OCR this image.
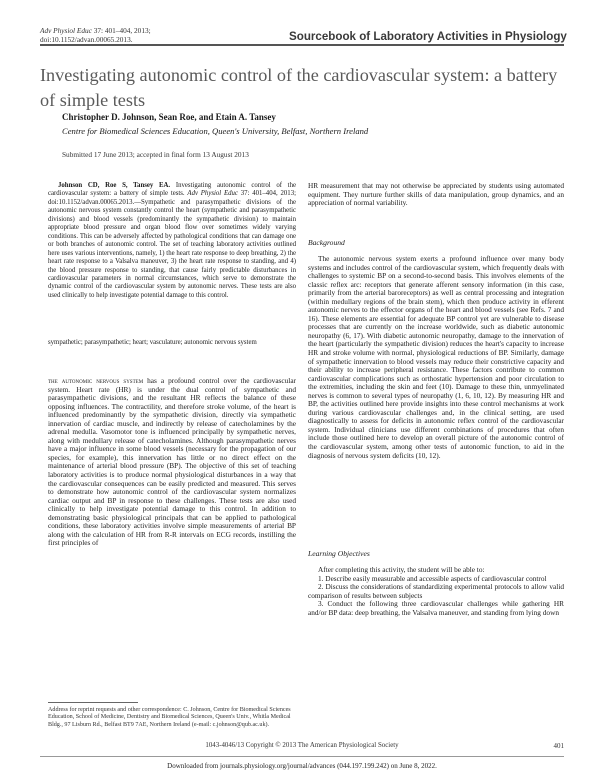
Adv Physiol Educ 37: 401–404, 2013;
doi:10.1152/advan.00065.2013.	Sourcebook of Laboratory Activities in Physiology
Investigating autonomic control of the cardiovascular system: a battery of simple tests
Christopher D. Johnson, Sean Roe, and Etain A. Tansey
Centre for Biomedical Sciences Education, Queen's University, Belfast, Northern Ireland
Submitted 17 June 2013; accepted in final form 13 August 2013

Johnson CD, Roe S, Tansey EA. Investigating autonomic control of the cardiovascular system: a battery of simple tests. Adv Physiol Educ 37: 401–404, 2013; doi:10.1152/advan.00065.2013.—Sympathetic and parasympathetic divisions of the autonomic nervous system constantly control the heart (sympathetic and parasympathetic divisions) and blood vessels (predominantly the sympathetic division) to maintain appropriate blood pressure and organ blood flow over sometimes widely varying conditions. This can be adversely affected by pathological conditions that can damage one or both branches of autonomic control. The set of teaching laboratory activities outlined here uses various interventions, namely, 1) the heart rate response to deep breathing, 2) the heart rate response to a Valsalva maneuver, 3) the heart rate response to standing, and 4) the blood pressure response to standing, that cause fairly predictable disturbances in cardiovascular parameters in normal circumstances, which serve to demonstrate the dynamic control of the cardiovascular system by autonomic nerves. These tests are also used clinically to help investigate potential damage to this control.

sympathetic; parasympathetic; heart; vasculature; autonomic nervous system

the autonomic nervous system has a profound control over the cardiovascular system. Heart rate (HR) is under the dual control of sympathetic and parasympathetic divisions, and the resultant HR reflects the balance of these opposing influences. The contractility, and therefore stroke volume, of the heart is influenced predominantly by the sympathetic division, directly via sympathetic innervation of cardiac muscle, and indirectly by release of catecholamines by the adrenal medulla. Vasomotor tone is influenced principally by sympathetic nerves, along with medullary release of catecholamines. Although parasympathetic nerves have a major influence in some blood vessels (necessary for the propagation of our species, for example), this innervation has little or no direct effect on the maintenance of arterial blood pressure (BP). The objective of this set of teaching laboratory activities is to produce normal physiological disturbances in a way that the cardiovascular consequences can be easily predicted and measured. This serves to demonstrate how autonomic control of the cardiovascular system normalizes cardiac output and BP in response to these challenges. These tests are also used clinically to help investigate potential damage to this control. In addition to demonstrating basic physiological principals that can be applied to pathological conditions, these laboratory activities involve simple measurements of arterial BP along with the calculation of HR from R-R intervals on ECG records, instilling the first principles of

Address for reprint requests and other correspondence: C. Johnson, Centre for Biomedical Sciences Education, School of Medicine, Dentistry and Biomedical Sciences, Queen's Univ., Whitla Medical Bldg., 97 Lisburn Rd., Belfast BT9 7AE, Northern Ireland (e-mail: c.johnson@qub.ac.uk).
HR measurement that may not otherwise be appreciated by students using automated equipment. They nurture further skills of data manipulation, group dynamics, and an appreciation of normal variability.
Background

The autonomic nervous system exerts a profound influence over many body systems and includes control of the cardiovascular system, which frequently deals with challenges to systemic BP on a second-to-second basis. This involves elements of the classic reflex arc: receptors that generate afferent sensory information (in this case, primarily from the arterial baroreceptors) as well as central processing and integration (within medullary regions of the brain stem), which then produce activity in efferent autonomic nerves to the effector organs of the heart and blood vessels (see Refs. 7 and 16). These elements are essential for adequate BP control yet are vulnerable to disease processes that are currently on the increase worldwide, such as diabetic autonomic neuropathy (6, 17). With diabetic autonomic neuropathy, damage to the innervation of the heart (particularly the sympathetic division) reduces the heart's capacity to increase HR and stroke volume with normal, physiological reductions of BP. Similarly, damage of sympathetic innervation to blood vessels may reduce their constrictive capacity and their ability to increase peripheral resistance. These factors contribute to common cardiovascular complications such as orthostatic hypertension and poor circulation to the extremities, including the skin and feet (10). Damage to these thin, unmyelinated nerves is common to several types of neuropathy (1, 6, 10, 12). By measuring HR and BP, the activities outlined here provide insights into these control mechanisms at work during various cardiovascular challenges and, in the clinical setting, are used diagnostically to assess for deficits in autonomic reflex control of the cardiovascular system. Individual clinicians use different combinations of procedures that often include those outlined here to develop an overall picture of the autonomic control of the cardiovascular system, among other tests of autonomic function, to aid in the diagnosis of nervous system deficits (10, 12).

Learning Objectives

After completing this activity, the student will be able to:

1. Describe easily measurable and accessible aspects of cardiovascular control

2. Discuss the considerations of standardizing experimental protocols to allow valid comparison of results between subjects

3. Conduct the following three cardiovascular challenges while gathering HR and/or BP data: deep breathing, the Valsalva maneuver, and standing from lying down

1043-4046/13 Copyright © 2013 The American Physiological Society	401
Downloaded from journals.physiology.org/journal/advances (044.197.199.242) on June 8, 2022.
